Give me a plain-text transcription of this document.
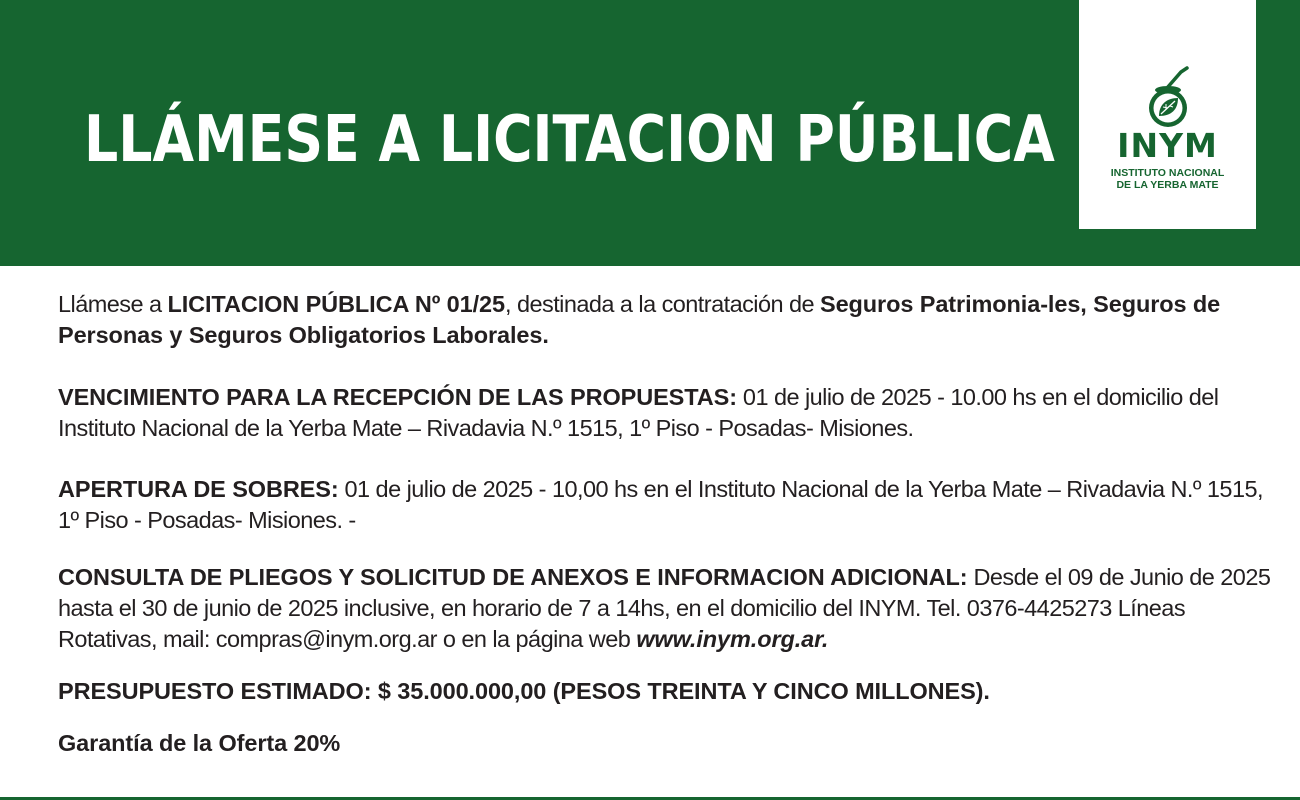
LLÁMESE A LICITACION PÚBLICA	INYM
INSTITUTO NACIONAL
DE LA YERBA MATE

Llámese a LICITACION PÚBLICA Nº 01/25, destinada a la contratación de Seguros Patrimonia-les, Seguros de Personas y Seguros Obligatorios Laborales.

VENCIMIENTO PARA LA RECEPCIÓN DE LAS PROPUESTAS: 01 de julio de 2025 - 10.00 hs en el domicilio del Instituto Nacional de la Yerba Mate – Rivadavia N.º 1515, 1º Piso - Posadas- Misiones.

APERTURA DE SOBRES: 01 de julio de 2025 - 10,00 hs en el Instituto Nacional de la Yerba Mate – Rivadavia N.º 1515, 1º Piso - Posadas- Misiones. -

CONSULTA DE PLIEGOS Y SOLICITUD DE ANEXOS E INFORMACION ADICIONAL: Desde el 09 de Junio de 2025 hasta el 30 de junio de 2025 inclusive, en horario de 7 a 14hs, en el domicilio del INYM. Tel. 0376-4425273 Líneas Rotativas, mail: compras@inym.org.ar o en la página web www.inym.org.ar.

PRESUPUESTO ESTIMADO: $ 35.000.000,00 (PESOS TREINTA Y CINCO MILLONES).

Garantía de la Oferta 20%
